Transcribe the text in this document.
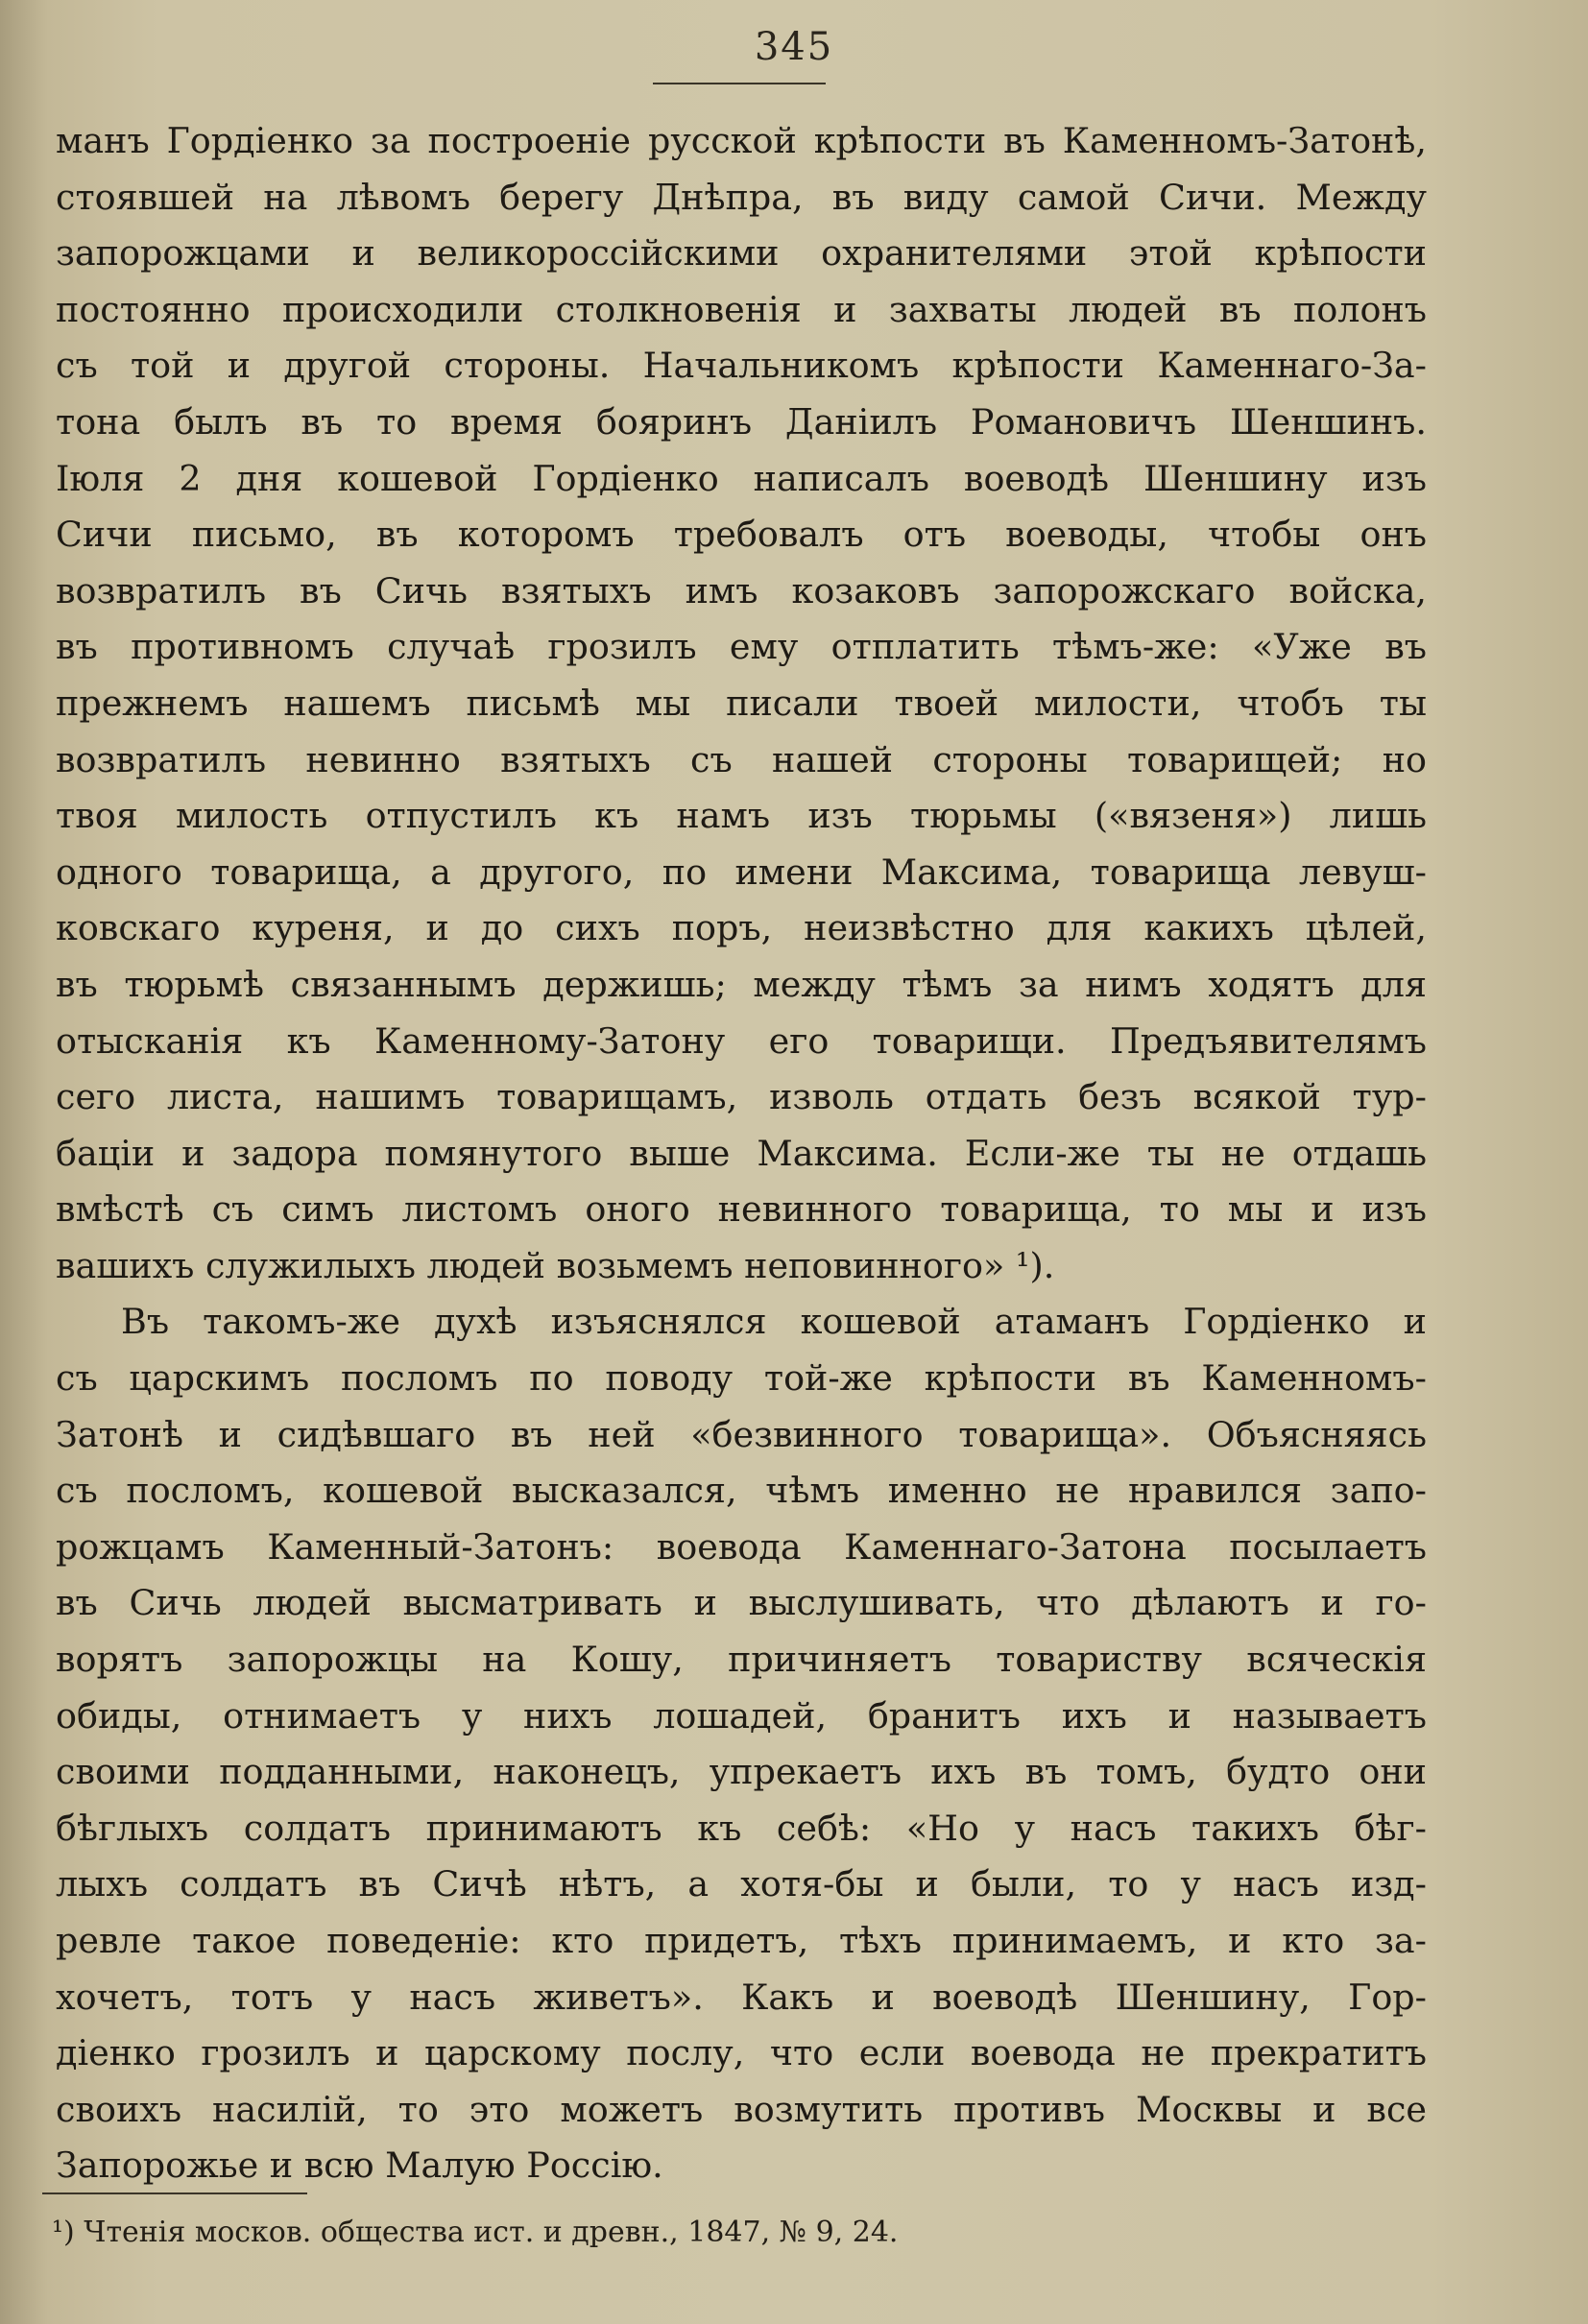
345
манъ Гордіенко за построеніе русской крѣпости въ Каменномъ-Затонѣ,
стоявшей на лѣвомъ берегу Днѣпра, въ виду самой Сичи. Между
запорожцами и великороссійскими охранителями этой крѣпости
постоянно происходили столкновенія и захваты людей въ полонъ
съ той и другой стороны. Начальникомъ крѣпости Каменнаго-За-
тона былъ въ то время бояринъ Даніилъ Романовичъ Шеншинъ.
Іюля 2 дня кошевой Гордіенко написалъ воеводѣ Шеншину изъ
Сичи письмо, въ которомъ требовалъ отъ воеводы, чтобы онъ
возвратилъ въ Сичь взятыхъ имъ козаковъ запорожскаго войска,
въ противномъ случаѣ грозилъ ему отплатить тѣмъ-же: «Уже въ
прежнемъ нашемъ письмѣ мы писали твоей милости, чтобъ ты
возвратилъ невинно взятыхъ съ нашей стороны товарищей; но
твоя милость отпустилъ къ намъ изъ тюрьмы («вязеня») лишь
одного товарища, а другого, по имени Максима, товарища левуш-
ковскаго куреня, и до сихъ поръ, неизвѣстно для какихъ цѣлей,
въ тюрьмѣ связаннымъ держишь; между тѣмъ за нимъ ходятъ для
отысканія къ Каменному-Затону его товарищи. Предъявителямъ
сего листа, нашимъ товарищамъ, изволь отдать безъ всякой тур-
баціи и задора помянутого выше Максима. Если-же ты не отдашь
вмѣстѣ съ симъ листомъ оного невинного товарища, то мы и изъ
вашихъ служилыхъ людей возьмемъ неповинного» ¹).
Въ такомъ-же духѣ изъяснялся кошевой атаманъ Гордіенко и
съ царскимъ посломъ по поводу той-же крѣпости въ Каменномъ-
Затонѣ и сидѣвшаго въ ней «безвинного товарища». Объясняясь
съ посломъ, кошевой высказался, чѣмъ именно не нравился запо-
рожцамъ Каменный-Затонъ: воевода Каменнаго-Затона посылаетъ
въ Сичь людей высматривать и выслушивать, что дѣлаютъ и го-
ворятъ запорожцы на Кошу, причиняетъ товариству всяческія
обиды, отнимаетъ у нихъ лошадей, бранитъ ихъ и называетъ
своими подданными, наконецъ, упрекаетъ ихъ въ томъ, будто они
бѣглыхъ солдатъ принимаютъ къ себѣ: «Но у насъ такихъ бѣг-
лыхъ солдатъ въ Сичѣ нѣтъ, а хотя-бы и были, то у насъ изд-
ревле такое поведеніе: кто придетъ, тѣхъ принимаемъ, и кто за-
хочетъ, тотъ у насъ живетъ». Какъ и воеводѣ Шеншину, Гор-
діенко грозилъ и царскому послу, что если воевода не прекратитъ
своихъ насилій, то это можетъ возмутить противъ Москвы и все
Запорожье и всю Малую Россію.
¹) Чтенія москов. общества ист. и древн., 1847, № 9, 24.
